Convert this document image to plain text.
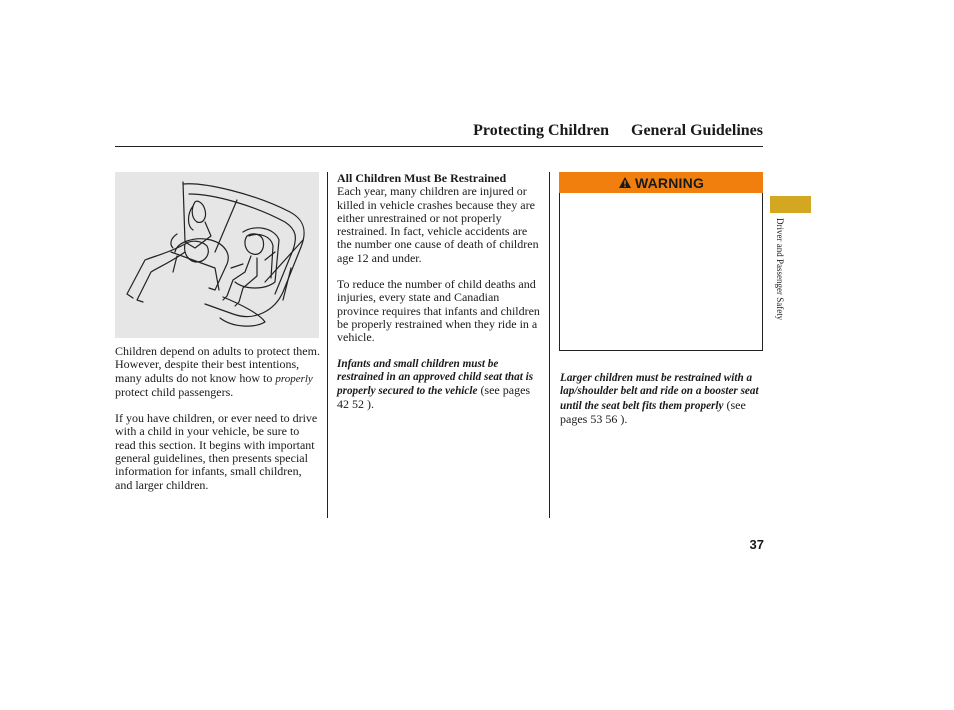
Protecting Children General Guidelines

Children depend on adults to protect them. However, despite their best intentions, many adults do not know how to properly protect child passengers.

If you have children, or ever need to drive with a child in your vehicle, be sure to read this section. It begins with important general guidelines, then presents special information for infants, small children, and larger children.

All Children Must Be Restrained

Each year, many children are injured or killed in vehicle crashes because they are either unrestrained or not properly restrained. In fact, vehicle accidents are the number one cause of death of children age 12 and under.

To reduce the number of child deaths and injuries, every state and Canadian province requires that infants and children be properly restrained when they ride in a vehicle.

Infants and small children must be restrained in an approved child seat that is properly secured to the vehicle (see pages 42 52 ).

WARNING
Larger children must be restrained with a lap/shoulder belt and ride on a booster seat until the seat belt fits them properly (see pages 53 56 ).
Driver and Passenger Safety
37
